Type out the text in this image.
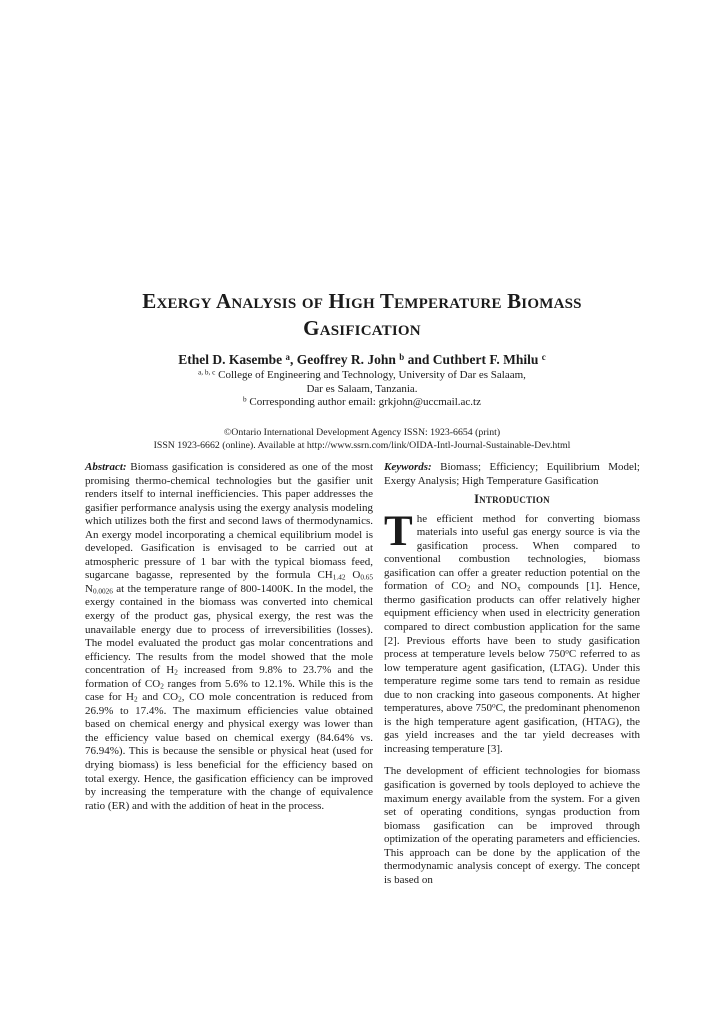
Exergy Analysis of High Temperature Biomass
Gasification
Ethel D. Kasembe $^a$, Geoffrey R. John $^b$ and Cuthbert F. Mhilu $^c$
$^{a, b, c}$ College of Engineering and Technology, University of Dar es Salaam,
Dar es Salaam, Tanzania.
$^b$ Corresponding author email: grkjohn@uccmail.ac.tz
©Ontario International Development Agency ISSN: 1923-6654 (print)
ISSN 1923-6662 (online). Available at http://www.ssrn.com/link/OIDA-Intl-Journal-Sustainable-Dev.html

Abstract: Biomass gasification is considered as one of the most promising thermo-chemical technologies but the gasifier unit renders itself to internal inefficiencies. This paper addresses the gasifier performance analysis using the exergy analysis modeling which utilizes both the first and second laws of thermodynamics. An exergy model incorporating a chemical equilibrium model is developed. Gasification is envisaged to be carried out at atmospheric pressure of 1 bar with the typical biomass feed, sugarcane bagasse, represented by the formula $CH_{1.42}$ $O_{0.65}$ $N_{0.0026}$ at the temperature range of 800-1400K. In the model, the exergy contained in the biomass was converted into chemical exergy of the product gas, physical exergy, the rest was the unavailable energy due to process of irreversibilities (losses). The model evaluated the product gas molar concentrations and efficiency. The results from the model showed that the mole concentration of $H_2$ increased from 9.8% to 23.7% and the formation of $CO_2$ ranges from 5.6% to 12.1%. While this is the case for $H_2$ and $CO_2$, CO mole concentration is reduced from 26.9% to 17.4%. The maximum efficiencies value obtained based on chemical energy and physical exergy was lower than the efficiency value based on chemical exergy (84.64% vs. 76.94%). This is because the sensible or physical heat (used for drying biomass) is less beneficial for the efficiency based on total exergy. Hence, the gasification efficiency can be improved by increasing the temperature with the change of equivalence ratio (ER) and with the addition of heat in the process.

Keywords: Biomass; Efficiency; Equilibrium Model; Exergy Analysis; High Temperature Gasification

Introduction

The efficient method for converting biomass materials into useful gas energy source is via the gasification process. When compared to conventional combustion technologies, biomass gasification can offer a greater reduction potential on the formation of $CO_2$ and $NO_x$ compounds [1]. Hence, thermo gasification products can offer relatively higher equipment efficiency when used in electricity generation compared to direct combustion application for the same [2]. Previous efforts have been to study gasification process at temperature levels below 750$^o$C referred to as low temperature agent gasification, (LTAG). Under this temperature regime some tars tend to remain as residue due to non cracking into gaseous components. At higher temperatures, above 750$^o$C, the predominant phenomenon is the high temperature agent gasification, (HTAG), the gas yield increases and the tar yield decreases with increasing temperature [3].

The development of efficient technologies for biomass gasification is governed by tools deployed to achieve the maximum energy available from the system. For a given set of operating conditions, syngas production from biomass gasification can be improved through optimization of the operating parameters and efficiencies. This approach can be done by the application of the thermodynamic analysis concept of exergy. The concept is based on
